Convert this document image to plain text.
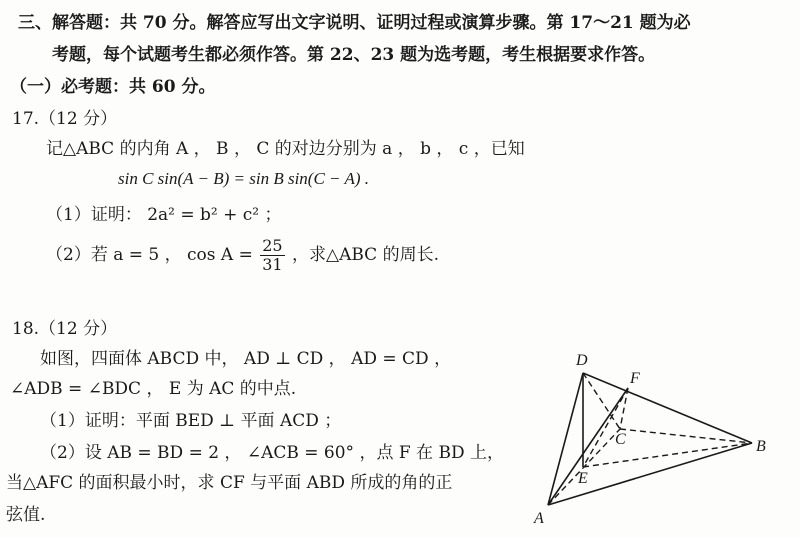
三、解答题：共 70 分。解答应写出文字说明、证明过程或演算步骤。第 17～21 题为必
考题，每个试题考生都必须作答。第 22、23 题为选考题，考生根据要求作答。
（一）必考题：共 60 分。
17.（12 分）
记△ABC 的内角 A ， B ， C 的对边分别为 a ， b ， c ，已知
sin C sin(A − B) = sin B sin(C − A) .
（1）证明： 2a² = b² + c² ；
（2）若 a = 5 ， $\cos A = \frac{25}{31}$ ，求△ABC 的周长.
18.（12 分）
如图，四面体 ABCD 中， AD ⊥ CD ， AD = CD ，
∠ADB = ∠BDC ， E 为 AC 的中点.
（1）证明：平面 BED ⊥ 平面 ACD ；
（2）设 AB = BD = 2 ， ∠ACB = 60° ，点 F 在 BD 上，
当△AFC 的面积最小时，求 CF 与平面 ABD 所成的角的正
弦值.
D
F
C	B
E
A
